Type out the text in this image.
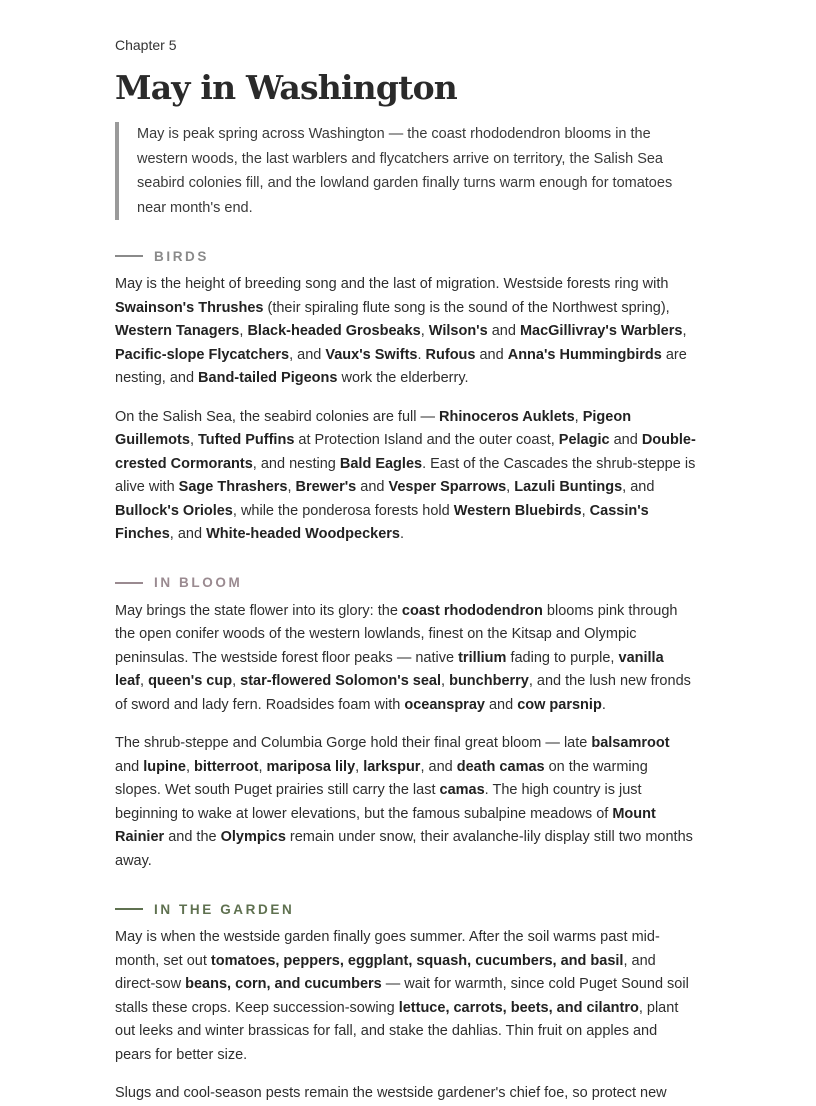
Chapter 5
May in Washington
May is peak spring across Washington — the coast rhododendron blooms in the western woods, the last warblers and flycatchers arrive on territory, the Salish Sea seabird colonies fill, and the lowland garden finally turns warm enough for tomatoes near month's end.
BIRDS

May is the height of breeding song and the last of migration. Westside forests ring with Swainson's Thrushes (their spiraling flute song is the sound of the Northwest spring), Western Tanagers, Black-headed Grosbeaks, Wilson's and MacGillivray's Warblers, Pacific-slope Flycatchers, and Vaux's Swifts. Rufous and Anna's Hummingbirds are nesting, and Band-tailed Pigeons work the elderberry.

On the Salish Sea, the seabird colonies are full — Rhinoceros Auklets, Pigeon Guillemots, Tufted Puffins at Protection Island and the outer coast, Pelagic and Double-crested Cormorants, and nesting Bald Eagles. East of the Cascades the shrub-steppe is alive with Sage Thrashers, Brewer's and Vesper Sparrows, Lazuli Buntings, and Bullock's Orioles, while the ponderosa forests hold Western Bluebirds, Cassin's Finches, and White-headed Woodpeckers.

IN BLOOM

May brings the state flower into its glory: the coast rhododendron blooms pink through the open conifer woods of the western lowlands, finest on the Kitsap and Olympic peninsulas. The westside forest floor peaks — native trillium fading to purple, vanilla leaf, queen's cup, star-flowered Solomon's seal, bunchberry, and the lush new fronds of sword and lady fern. Roadsides foam with oceanspray and cow parsnip.

The shrub-steppe and Columbia Gorge hold their final great bloom — late balsamroot and lupine, bitterroot, mariposa lily, larkspur, and death camas on the warming slopes. Wet south Puget prairies still carry the last camas. The high country is just beginning to wake at lower elevations, but the famous subalpine meadows of Mount Rainier and the Olympics remain under snow, their avalanche-lily display still two months away.

IN THE GARDEN

May is when the westside garden finally goes summer. After the soil warms past mid-month, set out tomatoes, peppers, eggplant, squash, cucumbers, and basil, and direct-sow beans, corn, and cucumbers — wait for warmth, since cold Puget Sound soil stalls these crops. Keep succession-sowing lettuce, carrots, beets, and cilantro, plant out leeks and winter brassicas for fall, and stake the dahlias. Thin fruit on apples and pears for better size.

Slugs and cool-season pests remain the westside gardener's chief foe, so protect new
